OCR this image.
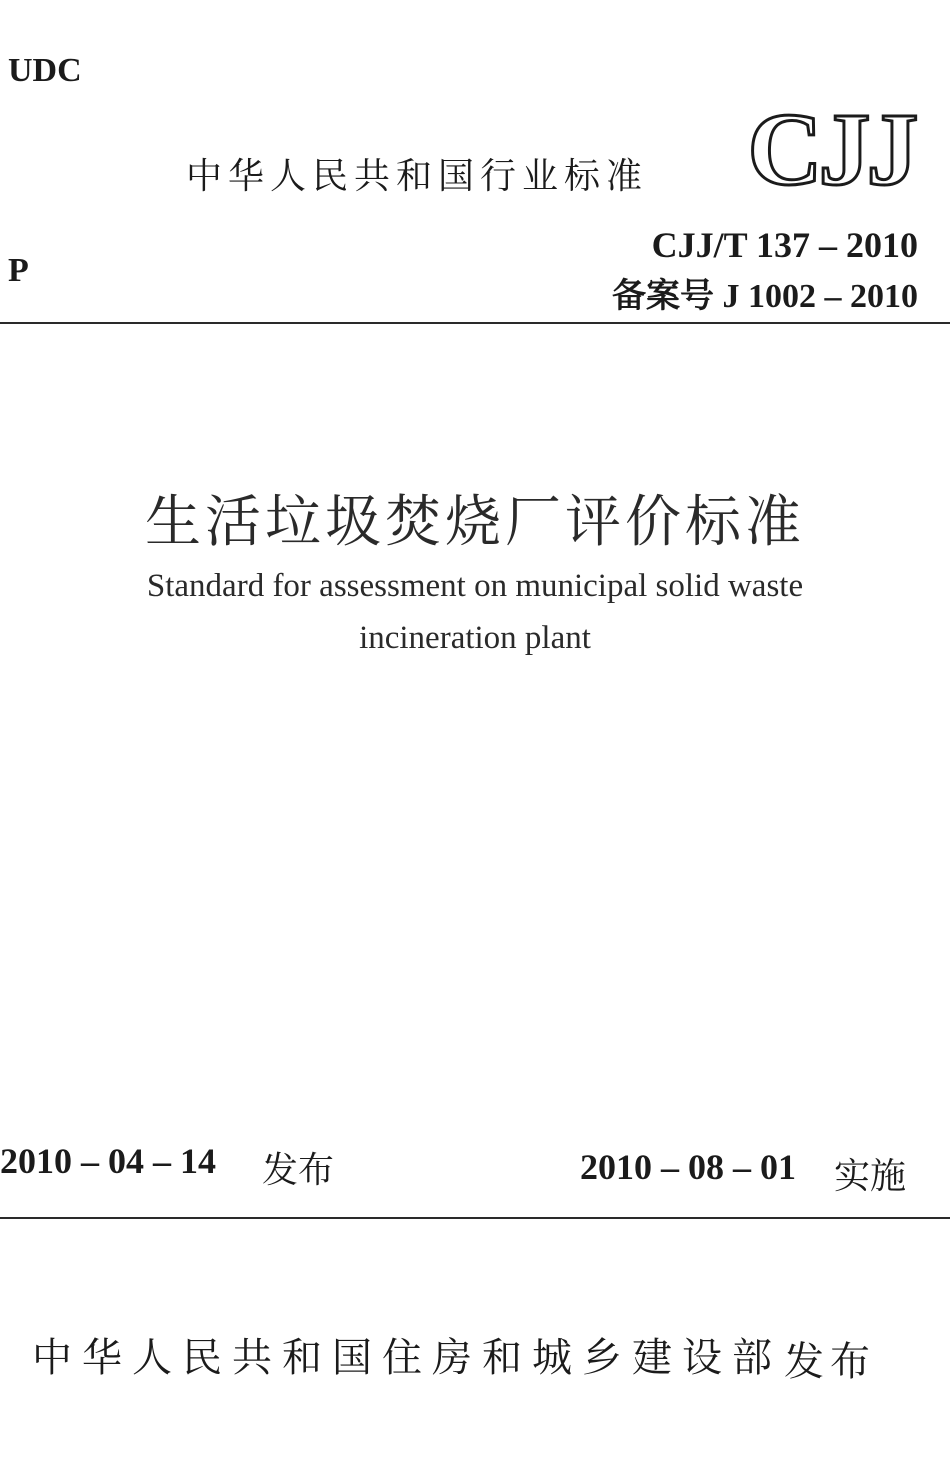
UDC
中华人民共和国行业标准
P
CJJ
CJJ/T 137 – 2010
备案号 J 1002 – 2010
生活垃圾焚烧厂评价标准
Standard for assessment on municipal solid waste
incineration plant
2010 – 04 – 14 发布	2010 – 08 – 01 实施
中华人民共和国住房和城乡建设部 发布
